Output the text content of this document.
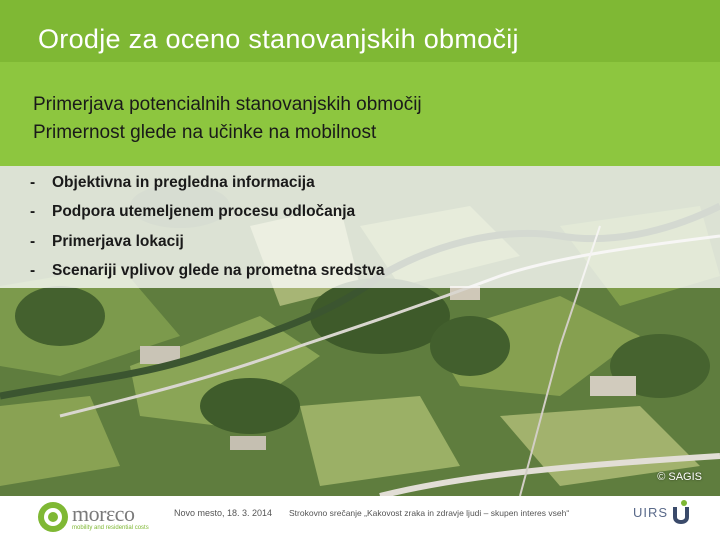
Orodje za oceno stanovanjskih območij
Primerjava potencialnih stanovanjskih območij
Primernost glede na učinke na mobilnost
- Objektivna in pregledna informacija
- Podpora utemeljenem procesu odločanja
- Primerjava lokacij
- Scenariji vplivov glede na prometna sredstva
© SAGIS
morεco
mobility and residential costs
Novo mesto, 18. 3. 2014 Strokovno srečanje „Kakovost zraka in zdravje ljudi – skupen interes vseh“	UIRS
